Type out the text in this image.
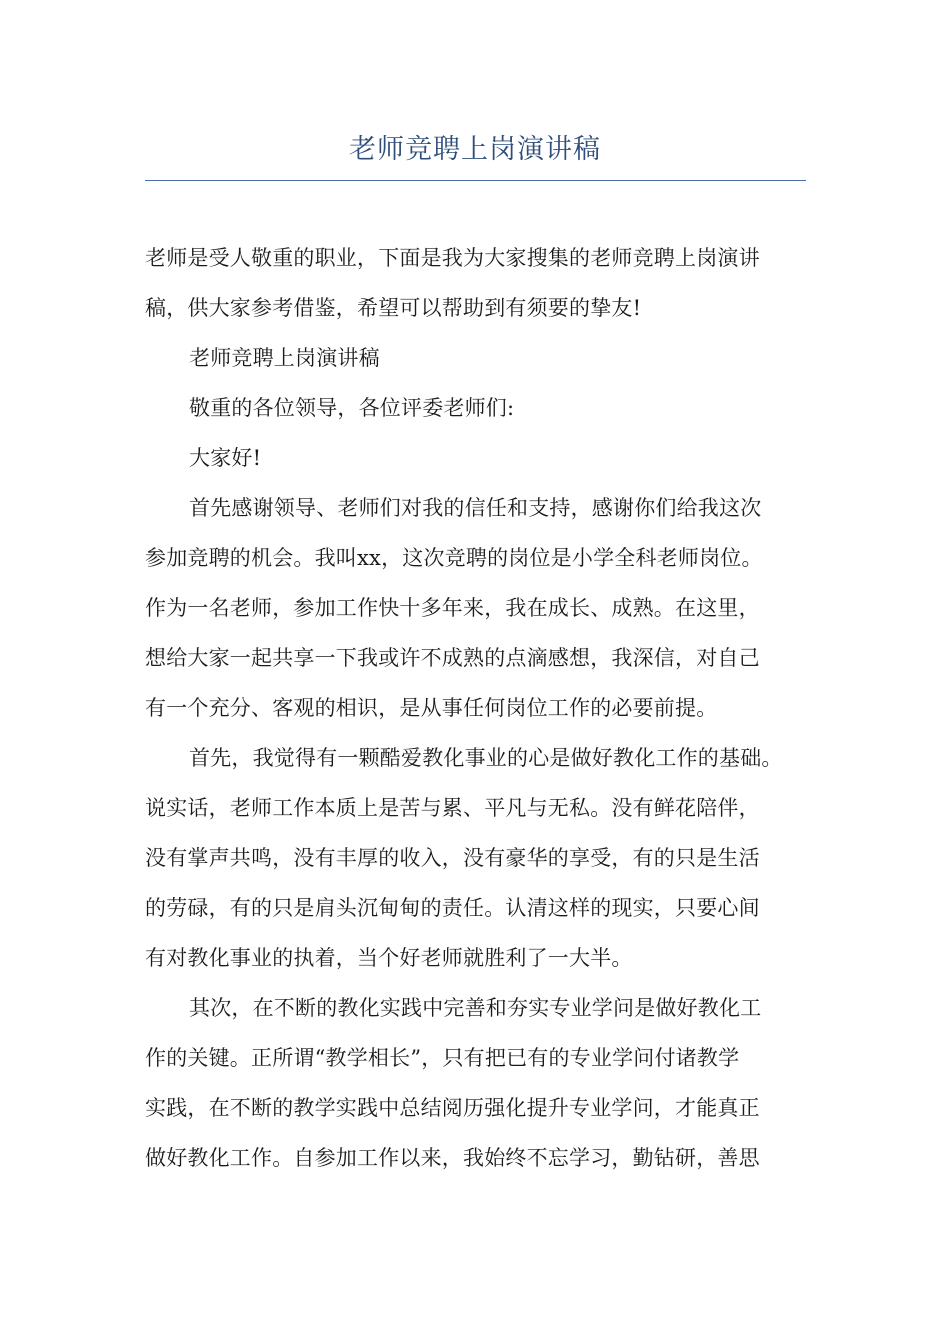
老师竞聘上岗演讲稿
老师是受人敬重的职业，下面是我为大家搜集的老师竞聘上岗演讲
稿，供大家参考借鉴，希望可以帮助到有须要的挚友!
老师竞聘上岗演讲稿
敬重的各位领导，各位评委老师们:
大家好!
首先感谢领导、老师们对我的信任和支持，感谢你们给我这次
参加竞聘的机会。我叫xx，这次竞聘的岗位是小学全科老师岗位。
作为一名老师，参加工作快十多年来，我在成长、成熟。在这里，
想给大家一起共享一下我或许不成熟的点滴感想，我深信，对自己
有一个充分、客观的相识，是从事任何岗位工作的必要前提。
首先，我觉得有一颗酷爱教化事业的心是做好教化工作的基础。
说实话，老师工作本质上是苦与累、平凡与无私。没有鲜花陪伴，
没有掌声共鸣，没有丰厚的收入，没有豪华的享受，有的只是生活
的劳碌，有的只是肩头沉甸甸的责任。认清这样的现实，只要心间
有对教化事业的执着，当个好老师就胜利了一大半。
其次，在不断的教化实践中完善和夯实专业学问是做好教化工
作的关键。正所谓“教学相长”，只有把已有的专业学问付诸教学
实践，在不断的教学实践中总结阅历强化提升专业学问，才能真正
做好教化工作。自参加工作以来，我始终不忘学习，勤钻研，善思
